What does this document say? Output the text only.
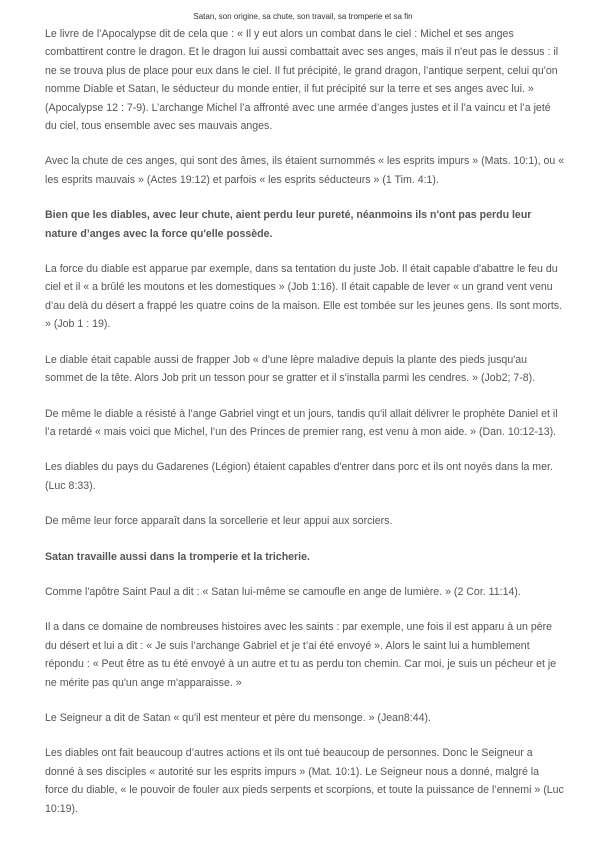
Satan, son origine, sa chute, son travail, sa tromperie et sa fin

Le livre de l’Apocalypse dit de cela que : « Il y eut alors un combat dans le ciel : Michel et ses anges combattirent contre le dragon. Et le dragon lui aussi combattait avec ses anges, mais il n'eut pas le dessus : il ne se trouva plus de place pour eux dans le ciel. Il fut précipité, le grand dragon, l’antique serpent, celui qu'on nomme Diable et Satan, le séducteur du monde entier, il fut précipité sur la terre et ses anges avec lui. » (Apocalypse 12 : 7-9). L’archange Michel l’a affronté avec une armée d’anges justes et il l’a vaincu et l’a jeté du ciel, tous ensemble avec ses mauvais anges.

Avec la chute de ces anges, qui sont des âmes, ils étaient surnommés « les esprits impurs » (Mats. 10:1), ou « les esprits mauvais » (Actes 19:12) et parfois « les esprits séducteurs » (1 Tim. 4:1).

Bien que les diables, avec leur chute, aient perdu leur pureté, néanmoins ils n'ont pas perdu leur nature d’anges avec la force qu'elle possède.

La force du diable est apparue par exemple, dans sa tentation du juste Job. Il était capable d'abattre le feu du ciel et il « a brûlé les moutons et les domestiques » (Job 1:16). Il était capable de lever « un grand vent venu d’au delà du désert a frappé les quatre coins de la maison. Elle est tombée sur les jeunes gens. Ils sont morts. » (Job 1 : 19).

Le diable était capable aussi de frapper Job « d’une lèpre maladive depuis la plante des pieds jusqu'au sommet de la tête. Alors Job prit un tesson pour se gratter et il s'installa parmi les cendres. » (Job2; 7-8).

De même le diable a résisté à l’ange Gabriel vingt et un jours, tandis qu'il allait délivrer le prophète Daniel et il l’a retardé « mais voici que Michel, l’un des Princes de premier rang, est venu à mon aide. » (Dan. 10:12-13).

Les diables du pays du Gadarenes (Légion) étaient capables d'entrer dans porc et ils ont noyés dans la mer. (Luc 8:33).

De même leur force apparaît dans la sorcellerie et leur appui aux sorciers.

Satan travaille aussi dans la tromperie et la tricherie.

Comme l'apôtre Saint Paul a dit : « Satan lui-même se camoufle en ange de lumière. » (2 Cor. 11:14).

Il a dans ce domaine de nombreuses histoires avec les saints : par exemple, une fois il est apparu à un père du désert et lui a dit : « Je suis l’archange Gabriel et je t’ai été envoyé ». Alors le saint lui a humblement répondu : « Peut être as tu été envoyé à un autre et tu as perdu ton chemin. Car moi, je suis un pécheur et je ne mérite pas qu'un ange m'apparaisse. »

Le Seigneur a dit de Satan « qu'il est menteur et père du mensonge. » (Jean8:44).

Les diables ont fait beaucoup d’autres actions et ils ont tué beaucoup de personnes. Donc le Seigneur a donné à ses disciples « autorité sur les esprits impurs » (Mat. 10:1). Le Seigneur nous a donné, malgré la force du diable, « le pouvoir de fouler aux pieds serpents et scorpions, et toute la puissance de l’ennemi » (Luc 10:19).
